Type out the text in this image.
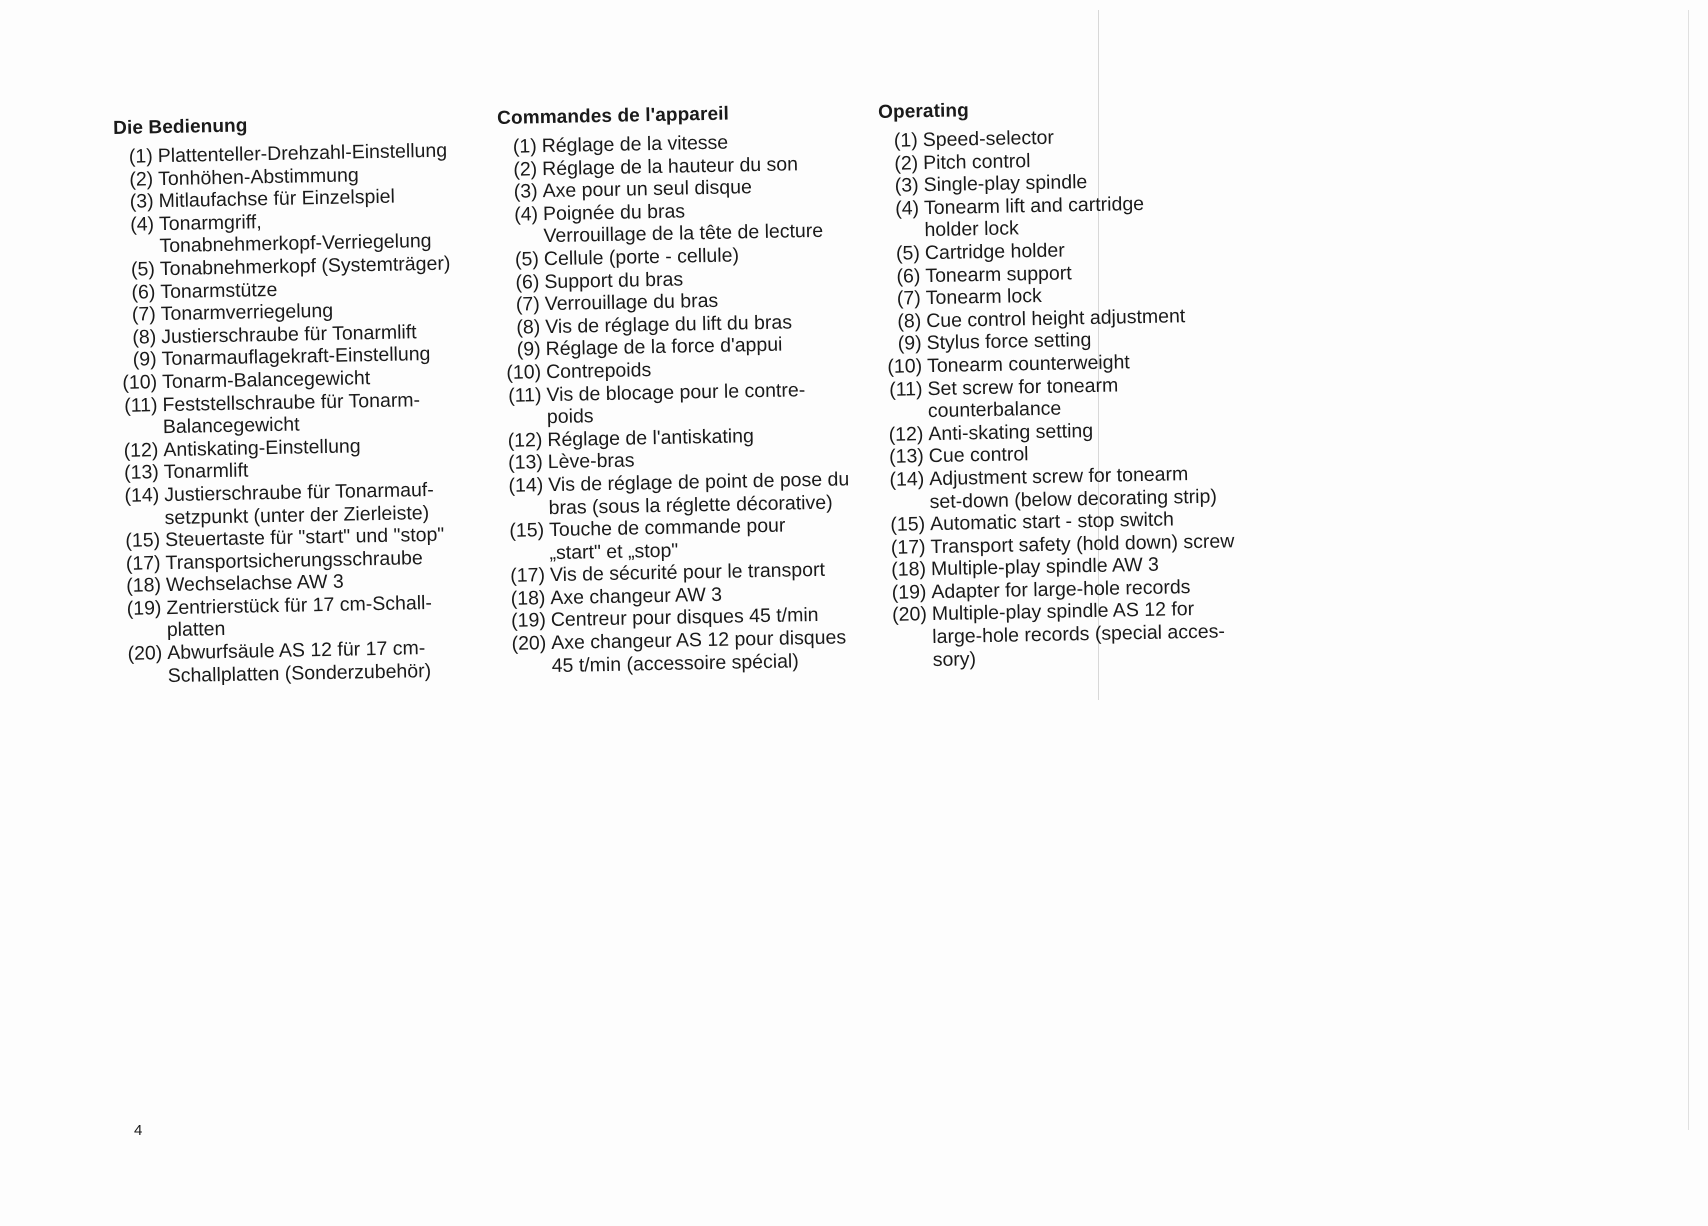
Die Bedienung
(1) Plattenteller-Drehzahl-Einstellung
(2) Tonhöhen-Abstimmung
(3) Mitlaufachse für Einzelspiel
(4) Tonarmgriff,
Tonabnehmerkopf-Verriegelung
(5) Tonabnehmerkopf (Systemträger)
(6) Tonarmstütze
(7) Tonarmverriegelung
(8) Justierschraube für Tonarmlift
(9) Tonarmauflagekraft-Einstellung
(10) Tonarm-Balancegewicht
(11) Feststellschraube für Tonarm-
Balancegewicht
(12) Antiskating-Einstellung
(13) Tonarmlift
(14) Justierschraube für Tonarmauf-
setzpunkt (unter der Zierleiste)
(15) Steuertaste für "start" und "stop"
(17) Transportsicherungsschraube
(18) Wechselachse AW 3
(19) Zentrierstück für 17 cm-Schall-
platten
(20) Abwurfsäule AS 12 für 17 cm-
Schallplatten (Sonderzubehör)
Commandes de l'appareil
(1) Réglage de la vitesse
(2) Réglage de la hauteur du son
(3) Axe pour un seul disque
(4) Poignée du bras
Verrouillage de la tête de lecture
(5) Cellule (porte - cellule)
(6) Support du bras
(7) Verrouillage du bras
(8) Vis de réglage du lift du bras
(9) Réglage de la force d'appui
(10) Contrepoids
(11) Vis de blocage pour le contre-
poids
(12) Réglage de l'antiskating
(13) Lève-bras
(14) Vis de réglage de point de pose du
bras (sous la réglette décorative)
(15) Touche de commande pour
„start" et „stop"
(17) Vis de sécurité pour le transport
(18) Axe changeur AW 3
(19) Centreur pour disques 45 t/min
(20) Axe changeur AS 12 pour disques
45 t/min (accessoire spécial)
Operating
(1) Speed-selector
(2) Pitch control
(3) Single-play spindle
(4) Tonearm lift and cartridge
holder lock
(5) Cartridge holder
(6) Tonearm support
(7) Tonearm lock
(8) Cue control height adjustment
(9) Stylus force setting
(10) Tonearm counterweight
(11) Set screw for tonearm
counterbalance
(12) Anti-skating setting
(13) Cue control
(14) Adjustment screw for tonearm
set-down (below decorating strip)
(15) Automatic start - stop switch
(17) Transport safety (hold down) screw
(18) Multiple-play spindle AW 3
(19) Adapter for large-hole records
(20) Multiple-play spindle AS 12 for
large-hole records (special acces-
sory)
4
